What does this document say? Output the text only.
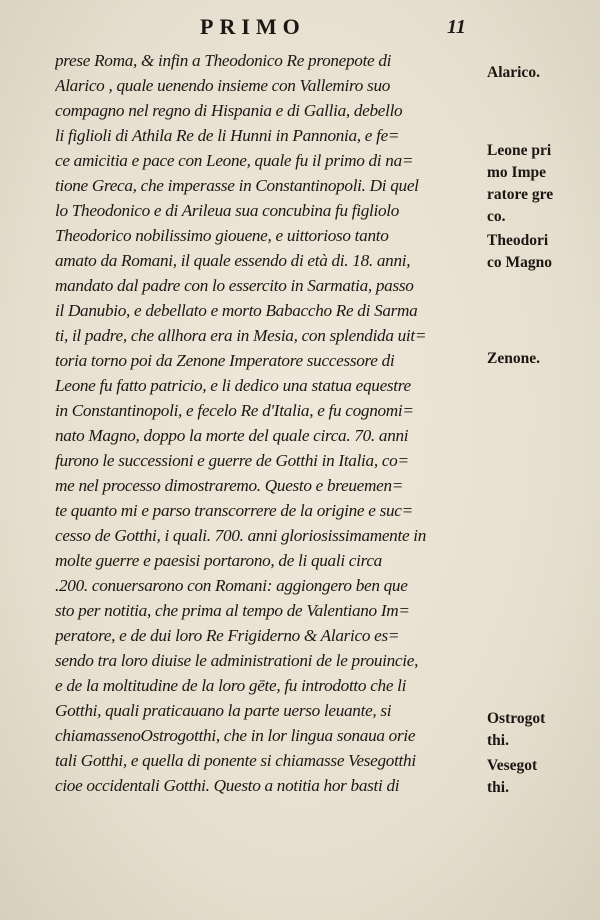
PRIMO	11
prese Roma, & infin a Theodonico Re pronepote di
Alarico , quale uenendo insieme con Vallemiro suo
compagno nel regno di Hispania e di Gallia, debello
li figlioli di Athila Re de li Hunni in Pannonia, e fe=
ce amicitia e pace con Leone, quale fu il primo di na=
tione Greca, che imperasse in Constantinopoli. Di quel
lo Theodonico e di Arileua sua concubina fu figliolo
Theodorico nobilissimo giouene, e uittorioso tanto
amato da Romani, il quale essendo di età di. 18. anni,
mandato dal padre con lo essercito in Sarmatia, passo
il Danubio, e debellato e morto Babaccho Re di Sarma
ti, il padre, che allhora era in Mesia, con splendida uit=
toria torno poi da Zenone Imperatore successore di
Leone fu fatto patricio, e li dedico una statua equestre
in Constantinopoli, e fecelo Re d'Italia, e fu cognomi=
nato Magno, doppo la morte del quale circa. 70. anni
furono le successioni e guerre de Gotthi in Italia, co=
me nel processo dimostraremo. Questo e breuemen=
te quanto mi e parso transcorrere de la origine e suc=
cesso de Gotthi, i quali. 700. anni gloriosissimamente in
molte guerre e paesisi portarono, de li quali circa
.200. conuersarono con Romani: aggiongero ben que
sto per notitia, che prima al tempo de Valentiano Im=
peratore, e de dui loro Re Frigiderno & Alarico es=
sendo tra loro diuise le administrationi de le prouincie,
e de la moltitudine de la loro gēte, fu introdotto che li
Gotthi, quali praticauano la parte uerso leuante, si
chiamassenoOstrogotthi, che in lor lingua sonaua orie
tali Gotthi, e quella di ponente si chiamasse Vesegotthi
cioe occidentali Gotthi. Questo a notitia hor basti di
Alarico.
Leone pri
mo Impe
ratore gre
co.
Theodori
co Magno
Zenone.
Ostrogot
thi.
Vesegot
thi.
